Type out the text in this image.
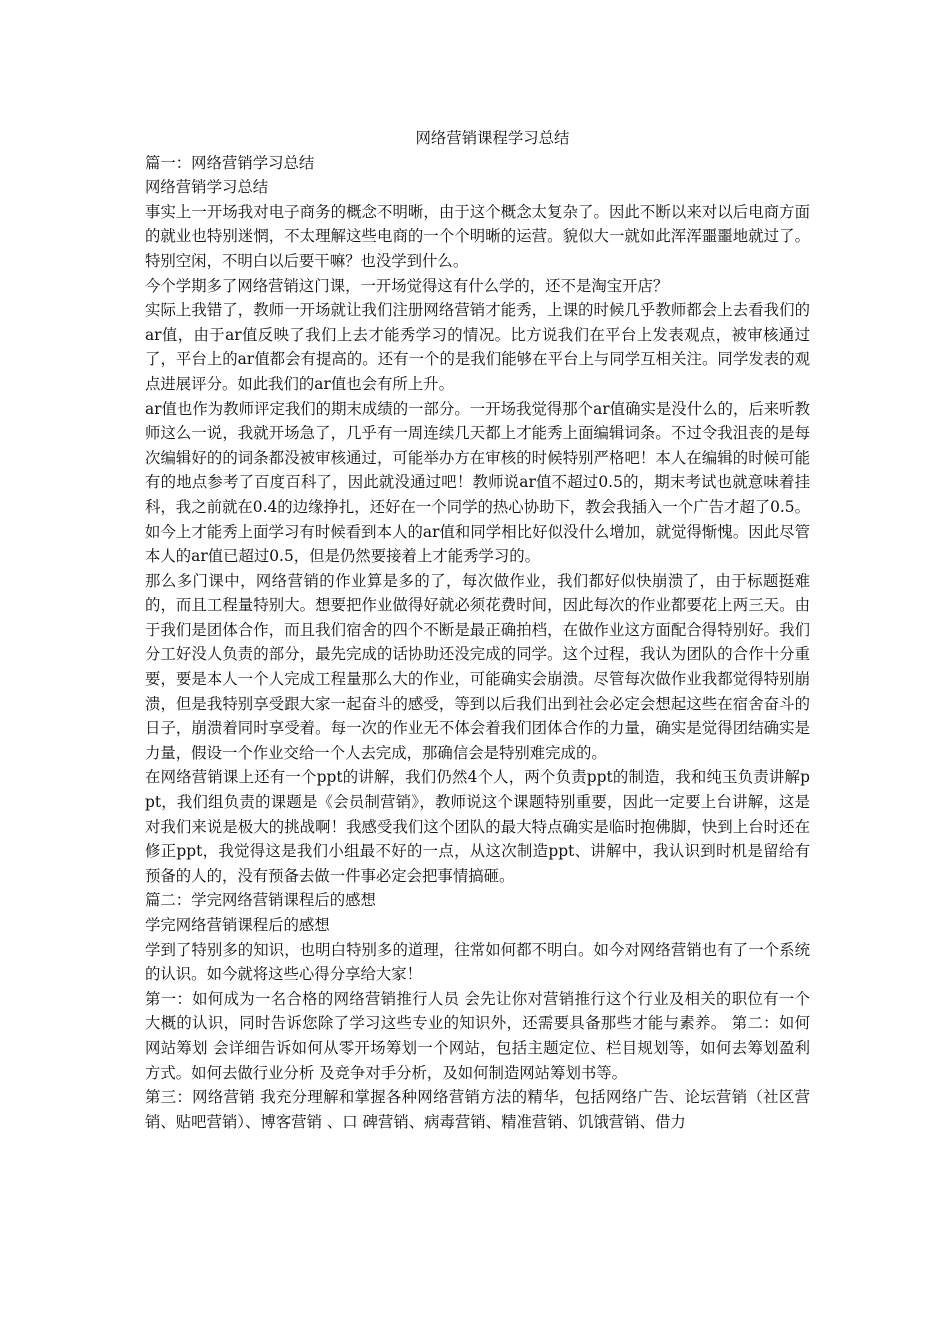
网络营销课程学习总结

篇一：网络营销学习总结

网络营销学习总结

事实上一开场我对电子商务的概念不明晰，由于这个概念太复杂了。因此不断以来对以后电商方面的就业也特别迷惘，不太理解这些电商的一个个明晰的运营。貌似大一就如此浑浑噩噩地就过了。特别空闲，不明白以后要干嘛？也没学到什么。

今个学期多了网络营销这门课，一开场觉得这有什么学的，还不是淘宝开店？

实际上我错了，教师一开场就让我们注册网络营销才能秀，上课的时候几乎教师都会上去看我们的ar值，由于ar值反映了我们上去才能秀学习的情况。比方说我们在平台上发表观点，被审核通过了，平台上的ar值都会有提高的。还有一个的是我们能够在平台上与同学互相关注。同学发表的观点进展评分。如此我们的ar值也会有所上升。

ar值也作为教师评定我们的期末成绩的一部分。一开场我觉得那个ar值确实是没什么的，后来听教师这么一说，我就开场急了，几乎有一周连续几天都上才能秀上面编辑词条。不过令我沮丧的是每次编辑好的的词条都没被审核通过，可能举办方在审核的时候特别严格吧！本人在编辑的时候可能有的地点参考了百度百科了，因此就没通过吧！教师说ar值不超过0.5的，期末考试也就意味着挂科，我之前就在0.4的边缘挣扎，还好在一个同学的热心协助下，教会我插入一个广告才超了0.5。如今上才能秀上面学习有时候看到本人的ar值和同学相比好似没什么增加，就觉得惭愧。因此尽管本人的ar值已超过0.5，但是仍然要接着上才能秀学习的。

那么多门课中，网络营销的作业算是多的了，每次做作业，我们都好似快崩溃了，由于标题挺难的，而且工程量特别大。想要把作业做得好就必须花费时间，因此每次的作业都要花上两三天。由于我们是团体合作，而且我们宿舍的四个不断是最正确拍档，在做作业这方面配合得特别好。我们分工好没人负责的部分，最先完成的话协助还没完成的同学。这个过程，我认为团队的合作十分重要，要是本人一个人完成工程量那么大的作业，可能确实会崩溃。尽管每次做作业我都觉得特别崩溃，但是我特别享受跟大家一起奋斗的感受，等到以后我们出到社会必定会想起这些在宿舍奋斗的日子，崩溃着同时享受着。每一次的作业无不体会着我们团体合作的力量，确实是觉得团结确实是力量，假设一个作业交给一个人去完成，那确信会是特别难完成的。

在网络营销课上还有一个ppt的讲解，我们仍然4个人，两个负责ppt的制造，我和纯玉负责讲解ppt，我们组负责的课题是《会员制营销》，教师说这个课题特别重要，因此一定要上台讲解，这是对我们来说是极大的挑战啊！我感受我们这个团队的最大特点确实是临时抱佛脚，快到上台时还在修正ppt，我觉得这是我们小组最不好的一点，从这次制造ppt、讲解中，我认识到时机是留给有预备的人的，没有预备去做一件事必定会把事情搞砸。

篇二：学完网络营销课程后的感想

学完网络营销课程后的感想

学到了特别多的知识，也明白特别多的道理，往常如何都不明白。如今对网络营销也有了一个系统的认识。如今就将这些心得分享给大家！

第一：如何成为一名合格的网络营销推行人员 会先让你对营销推行这个行业及相关的职位有一个大概的认识，同时告诉您除了学习这些专业的知识外，还需要具备那些才能与素养。 第二：如何网站筹划 会详细告诉如何从零开场筹划一个网站，包括主题定位、栏目规划等，如何去筹划盈利方式。如何去做行业分析 及竞争对手分析，及如何制造网站筹划书等。

第三：网络营销 我充分理解和掌握各种网络营销方法的精华，包括网络广告、论坛营销（社区营销、贴吧营销）、博客营销 、口 碑营销、病毒营销、精准营销、饥饿营销、借力
